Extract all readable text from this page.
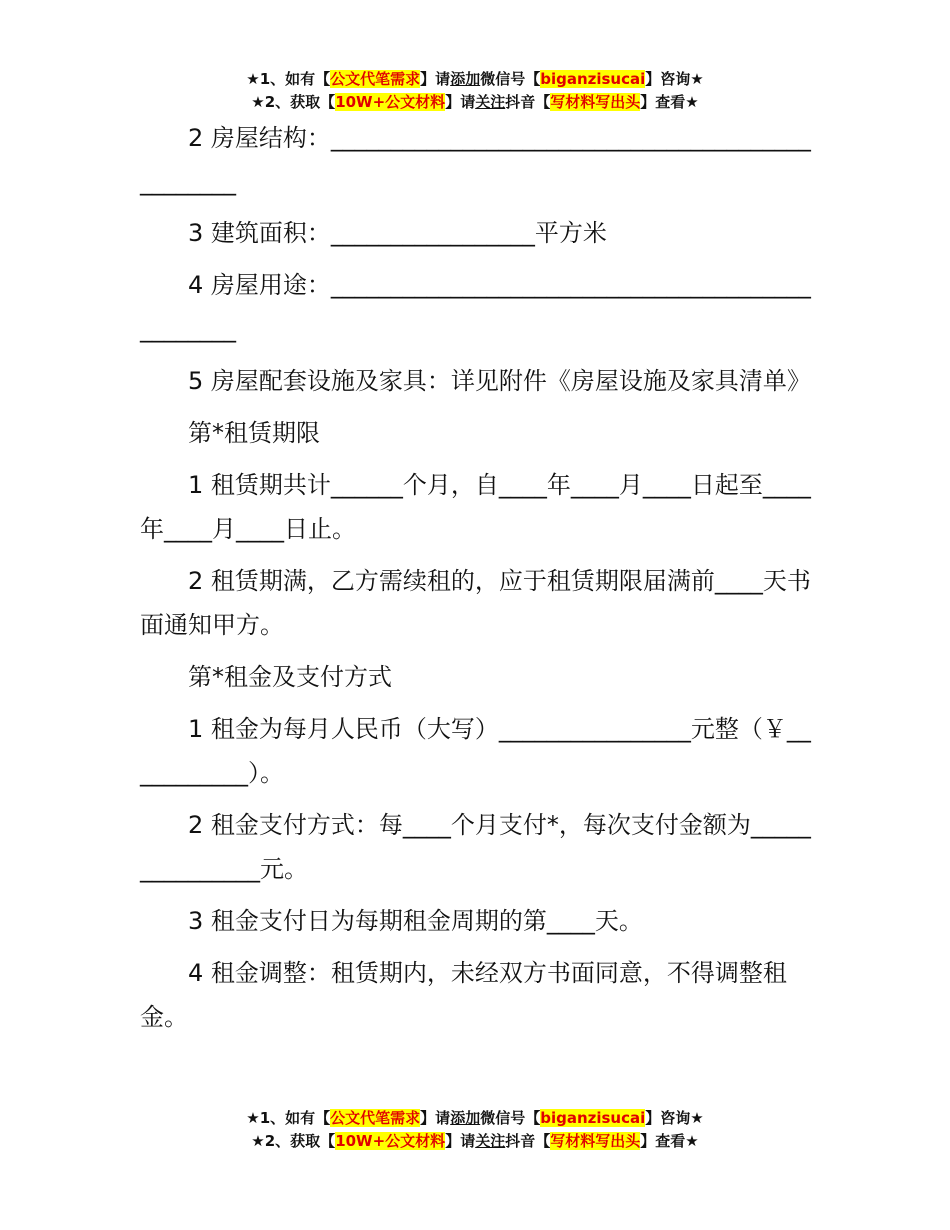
★1、如有【公文代笔需求】请添加微信号【biganzisucai】咨询★
★2、获取【10W+公文材料】请关注抖音【写材料写出头】查看★

2 房屋结构：________________________________________________

3 建筑面积：_________________平方米

4 房屋用途：________________________________________________

5 房屋配套设施及家具：详见附件《房屋设施及家具清单》

第*租赁期限

1 租赁期共计______个月，自____年____月____日起至____年____月____日止。

2 租赁期满，乙方需续租的，应于租赁期限届满前____天书面通知甲方。

第*租金及支付方式

1 租金为每月人民币（大写）________________元整（￥___________）。

2 租金支付方式：每____个月支付*，每次支付金额为_______________元。

3 租金支付日为每期租金周期的第____天。

4 租金调整：租赁期内，未经双方书面同意，不得调整租金。

★1、如有【公文代笔需求】请添加微信号【biganzisucai】咨询★
★2、获取【10W+公文材料】请关注抖音【写材料写出头】查看★
